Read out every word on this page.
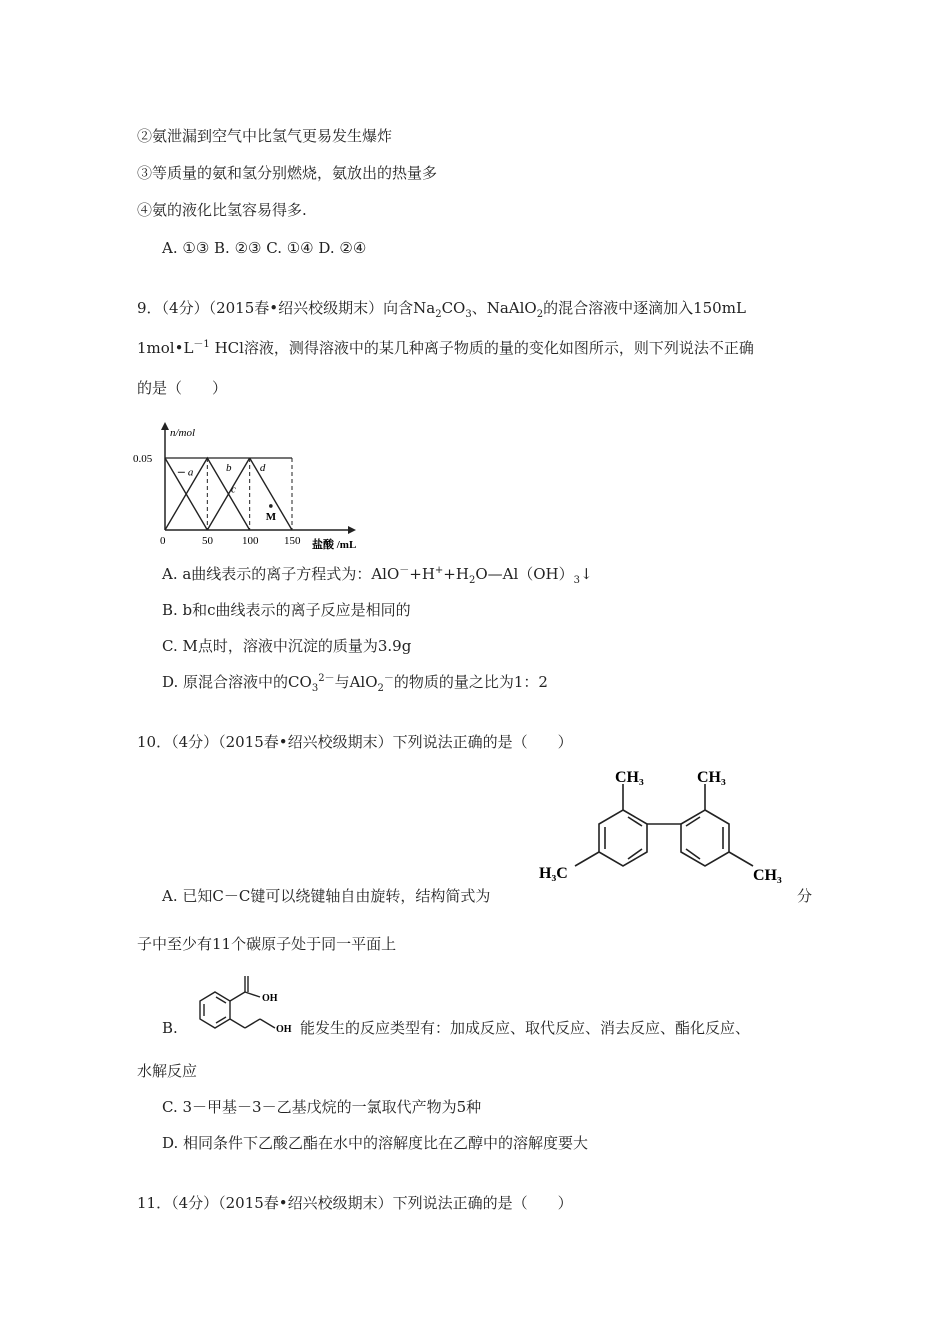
②氨泄漏到空气中比氢气更易发生爆炸
③等质量的氨和氢分别燃烧，氨放出的热量多
④氨的液化比氢容易得多.
A. ①③ B. ②③ C. ①④ D. ②④
9．（4分）（2015春•绍兴校级期末）向含$Na_2CO_3$、NaAlO$_2$的混合溶液中逐滴加入150mL
$1mol•L^{-1}$ HCl溶液，测得溶液中的某几种离子物质的量的变化如图所示，则下列说法不正确
的是（　　）
n/mol
0.05
a	b
c
d
M
0	50	100 150 盐酸 /mL
A. a曲线表示的离子方程式为：$AlO^-+H^++H_2O—Al(OH)_3↓$
B. b和c曲线表示的离子反应是相同的
C. M点时，溶液中沉淀的质量为3.9g
D. 原混合溶液中的$CO_3^{2-}$与AlO$_2$－的物质的量之比为1：2
10．（4分）（2015春•绍兴校级期末）下列说法正确的是（　　）
CH₃	CH₃
H₃C	CH₃
A. 已知C－C键可以绕键轴自由旋转，结构简式为	分
子中至少有11个碳原子处于同一平面上
B.
OH
OH 能发生的反应类型有：加成反应、取代反应、消去反应、酯化反应、
水解反应
C. 3－甲基－3－乙基戊烷的一氯取代产物为5种
D. 相同条件下乙酸乙酯在水中的溶解度比在乙醇中的溶解度要大
11．（4分）（2015春•绍兴校级期末）下列说法正确的是（　　）
